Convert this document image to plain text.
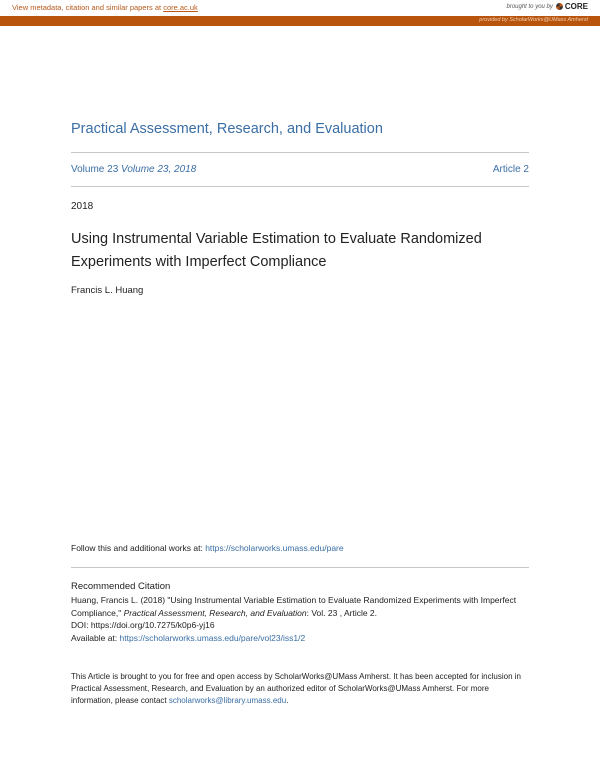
View metadata, citation and similar papers at core.ac.uk	brought to you by CORE
provided by ScholarWorks@UMass Amherst
Practical Assessment, Research, and Evaluation
Volume 23 Volume 23, 2018	Article 2
2018
Using Instrumental Variable Estimation to Evaluate Randomized Experiments with Imperfect Compliance
Francis L. Huang
Follow this and additional works at: https://scholarworks.umass.edu/pare
Recommended Citation
Huang, Francis L. (2018) "Using Instrumental Variable Estimation to Evaluate Randomized Experiments with Imperfect Compliance," Practical Assessment, Research, and Evaluation: Vol. 23 , Article 2.
DOI: https://doi.org/10.7275/k0p6-yj16
Available at: https://scholarworks.umass.edu/pare/vol23/iss1/2
This Article is brought to you for free and open access by ScholarWorks@UMass Amherst. It has been accepted for inclusion in Practical Assessment, Research, and Evaluation by an authorized editor of ScholarWorks@UMass Amherst. For more information, please contact scholarworks@library.umass.edu.
